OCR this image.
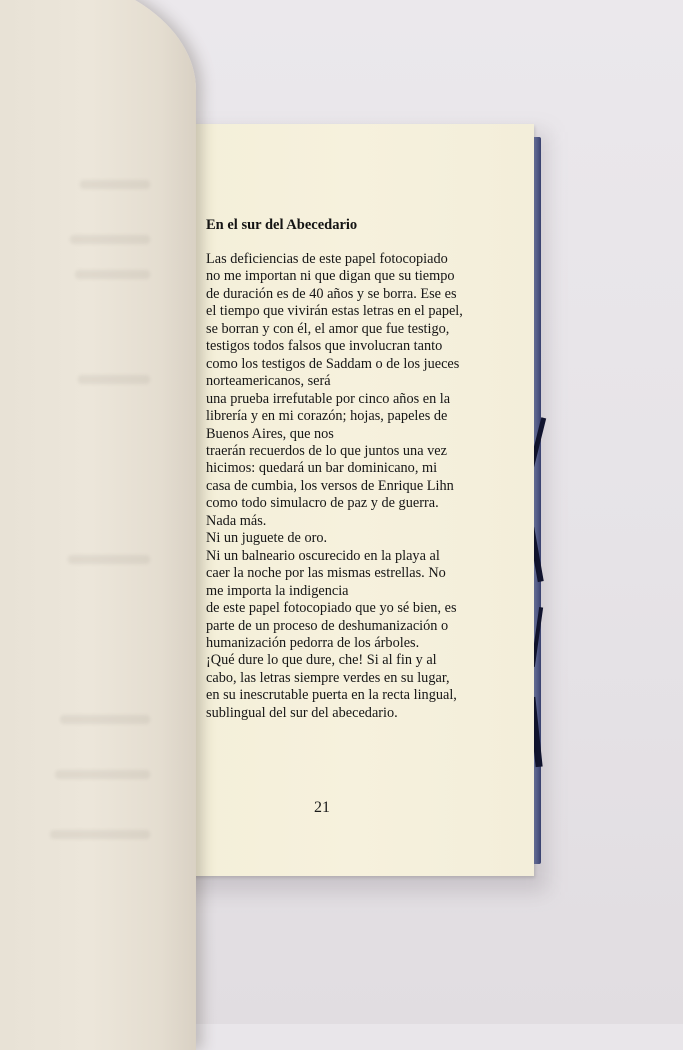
En el sur del Abecedario
Las deficiencias de este papel fotocopiado
no me importan ni que digan que su tiempo
de duración es de 40 años y se borra. Ese es
el tiempo que vivirán estas letras en el papel,
se borran y con él, el amor que fue testigo,
testigos todos falsos que involucran tanto
como los testigos de Saddam o de los jueces
norteamericanos, será
una prueba irrefutable por cinco años en la
librería y en mi corazón; hojas, papeles de
Buenos Aires, que nos
traerán recuerdos de lo que juntos una vez
hicimos: quedará un bar dominicano, mi
casa de cumbia, los versos de Enrique Lihn
como todo simulacro de paz y de guerra.
Nada más.
Ni un juguete de oro.
Ni un balneario oscurecido en la playa al
caer la noche por las mismas estrellas. No
me importa la indigencia
de este papel fotocopiado que yo sé bien, es
parte de un proceso de deshumanización o
humanización pedorra de los árboles.
¡Qué dure lo que dure, che! Si al fin y al
cabo, las letras siempre verdes en su lugar,
en su inescrutable puerta en la recta lingual,
sublingual del sur del abecedario.
21
